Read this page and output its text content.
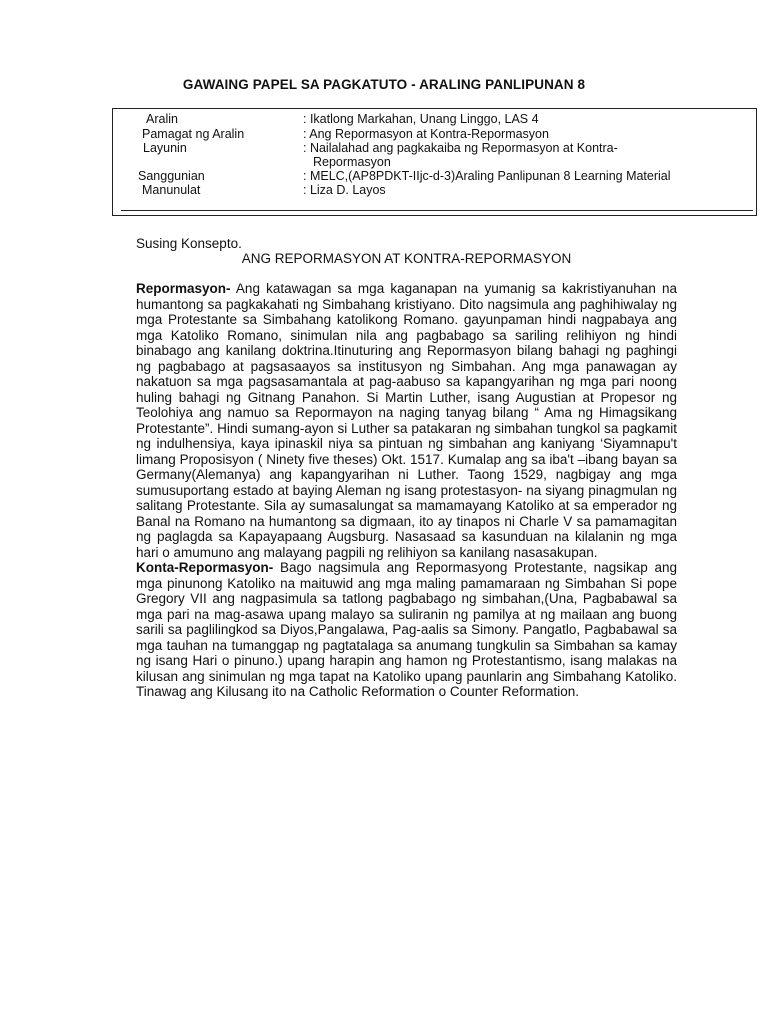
GAWAING PAPEL SA PAGKATUTO - ARALING PANLIPUNAN 8
Aralin	: Ikatlong Markahan, Unang Linggo, LAS 4
Pamagat ng Aralin	: Ang Repormasyon at Kontra-Repormasyon
Layunin	: Nailalahad ang pagkakaiba ng Repormasyon at Kontra-
Repormasyon
Sanggunian	: MELC,(AP8PDKT-IIjc-d-3)Araling Panlipunan 8 Learning Material
Manunulat	: Liza D. Layos
Susing Konsepto.
ANG REPORMASYON AT KONTRA-REPORMASYON

Repormasyon- Ang katawagan sa mga kaganapan na yumanig sa kakristiyanuhan na humantong sa pagkakahati ng Simbahang kristiyano. Dito nagsimula ang paghihiwalay ng mga Protestante sa Simbahang katolikong Romano. gayunpaman hindi nagpabaya ang mga Katoliko Romano, sinimulan nila ang pagbabago sa sariling relihiyon ng hindi binabago ang kanilang doktrina.Itinuturing ang Repormasyon bilang bahagi ng paghingi ng pagbabago at pagsasaayos sa institusyon ng Simbahan. Ang mga panawagan ay nakatuon sa mga pagsasamantala at pag-aabuso sa kapangyarihan ng mga pari noong huling bahagi ng Gitnang Panahon. Si Martin Luther, isang Augustian at Propesor ng Teolohiya ang namuo sa Repormayon na naging tanyag bilang “ Ama ng Himagsikang Protestante”. Hindi sumang-ayon si Luther sa patakaran ng simbahan tungkol sa pagkamit ng indulhensiya, kaya ipinaskil niya sa pintuan ng simbahan ang kaniyang ‘Siyamnapu't limang Proposisyon ( Ninety five theses) Okt. 1517. Kumalap ang sa iba't –ibang bayan sa Germany(Alemanya) ang kapangyarihan ni Luther. Taong 1529, nagbigay ang mga sumusuportang estado at baying Aleman ng isang protestasyon- na siyang pinagmulan ng salitang Protestante. Sila ay sumasalungat sa mamamayang Katoliko at sa emperador ng Banal na Romano na humantong sa digmaan, ito ay tinapos ni Charle V sa pamamagitan ng paglagda sa Kapayapaang Augsburg. Nasasaad sa kasunduan na kilalanin ng mga hari o amumuno ang malayang pagpili ng relihiyon sa kanilang nasasakupan.

Konta-Repormasyon- Bago nagsimula ang Repormasyong Protestante, nagsikap ang mga pinunong Katoliko na maituwid ang mga maling pamamaraan ng Simbahan Si pope Gregory VII ang nagpasimula sa tatlong pagbabago ng simbahan,(Una, Pagbabawal sa mga pari na mag-asawa upang malayo sa suliranin ng pamilya at ng mailaan ang buong sarili sa paglilingkod sa Diyos,Pangalawa, Pag-aalis sa Simony. Pangatlo, Pagbabawal sa mga tauhan na tumanggap ng pagtatalaga sa anumang tungkulin sa Simbahan sa kamay ng isang Hari o pinuno.) upang harapin ang hamon ng Protestantismo, isang malakas na kilusan ang sinimulan ng mga tapat na Katoliko upang paunlarin ang Simbahang Katoliko. Tinawag ang Kilusang ito na Catholic Reformation o Counter Reformation.
